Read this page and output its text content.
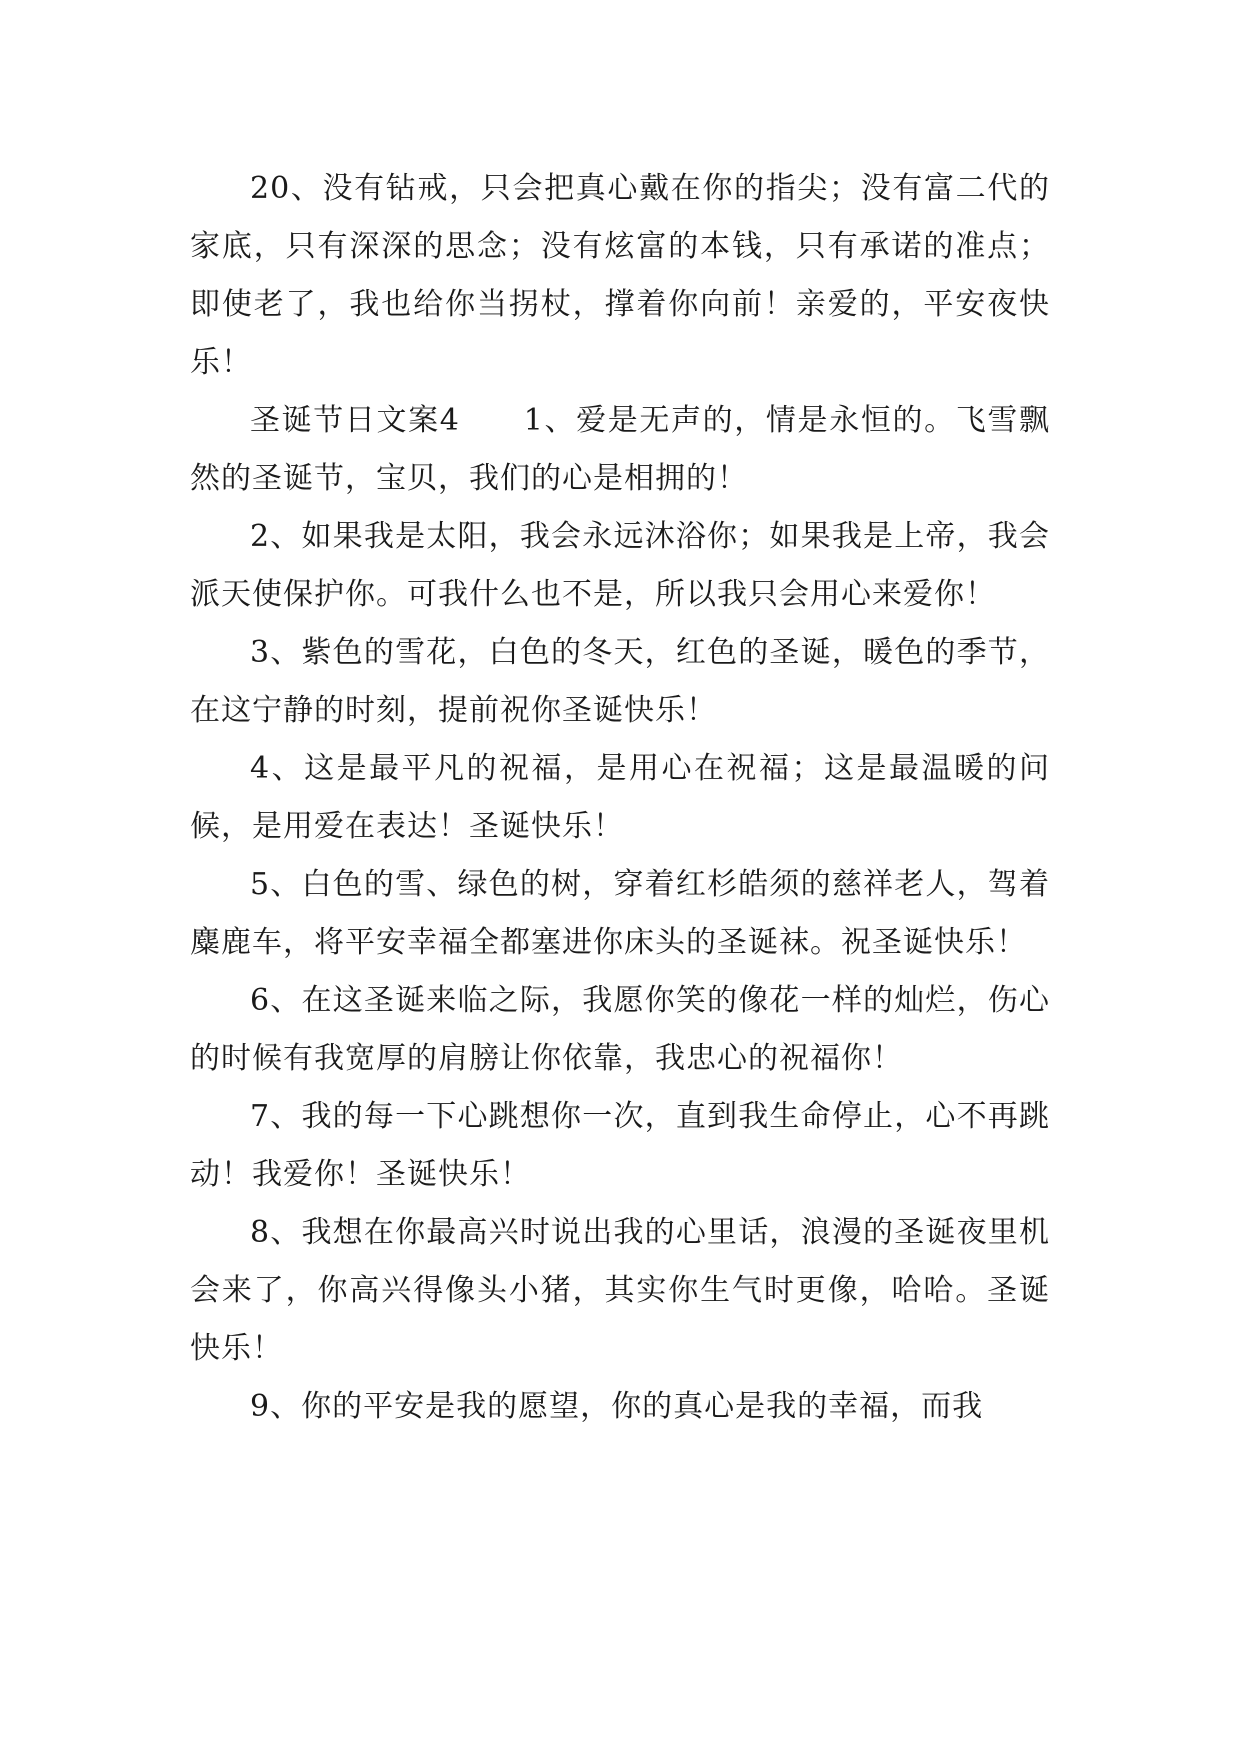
20、没有钻戒，只会把真心戴在你的指尖；没有富二代的家底，只有深深的思念；没有炫富的本钱，只有承诺的准点；即使老了，我也给你当拐杖，撑着你向前！亲爱的，平安夜快乐！

圣诞节日文案4　　1、爱是无声的，情是永恒的。飞雪飘然的圣诞节，宝贝，我们的心是相拥的！

2、如果我是太阳，我会永远沐浴你；如果我是上帝，我会派天使保护你。可我什么也不是，所以我只会用心来爱你！

3、紫色的雪花，白色的冬天，红色的圣诞，暖色的季节，在这宁静的时刻，提前祝你圣诞快乐！

4、这是最平凡的祝福，是用心在祝福；这是最温暖的问候，是用爱在表达！圣诞快乐！

5、白色的雪、绿色的树，穿着红杉皓须的慈祥老人，驾着麋鹿车，将平安幸福全都塞进你床头的圣诞袜。祝圣诞快乐！

6、在这圣诞来临之际，我愿你笑的像花一样的灿烂，伤心的时候有我宽厚的肩膀让你依靠，我忠心的祝福你！

7、我的每一下心跳想你一次，直到我生命停止，心不再跳动！我爱你！圣诞快乐！

8、我想在你最高兴时说出我的心里话，浪漫的圣诞夜里机会来了，你高兴得像头小猪，其实你生气时更像，哈哈。圣诞快乐！

9、你的平安是我的愿望，你的真心是我的幸福，而我
